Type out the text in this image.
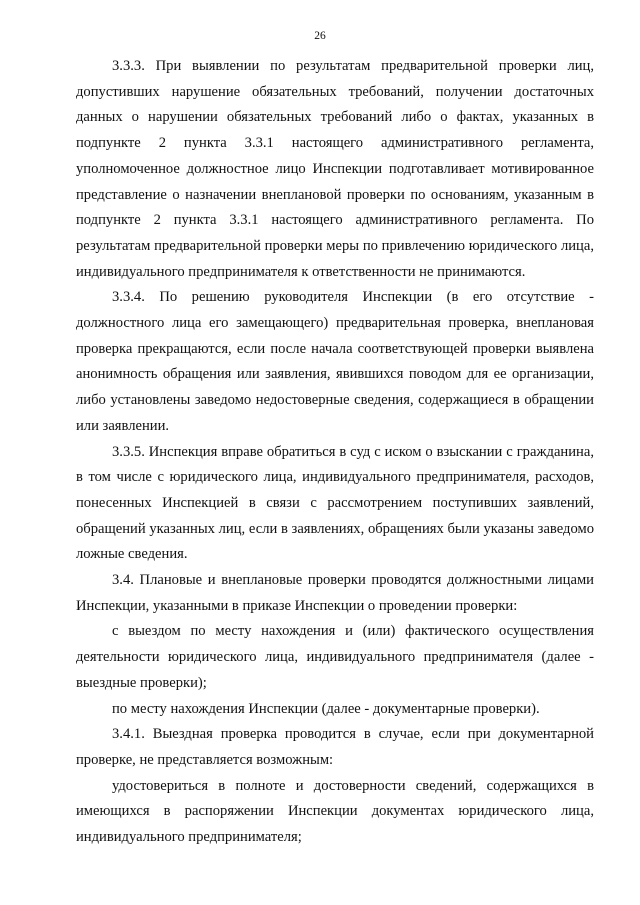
26

3.3.3. При выявлении по результатам предварительной проверки лиц, допустивших нарушение обязательных требований, получении достаточных данных о нарушении обязательных требований либо о фактах, указанных в подпункте 2 пункта 3.3.1 настоящего административного регламента, уполномоченное должностное лицо Инспекции подготавливает мотивированное представление о назначении внеплановой проверки по основаниям, указанным в подпункте 2 пункта 3.3.1 настоящего административного регламента. По результатам предварительной проверки меры по привлечению юридического лица, индивидуального предпринимателя к ответственности не принимаются.

3.3.4. По решению руководителя Инспекции (в его отсутствие - должностного лица его замещающего) предварительная проверка, внеплановая проверка прекращаются, если после начала соответствующей проверки выявлена анонимность обращения или заявления, явившихся поводом для ее организации, либо установлены заведомо недостоверные сведения, содержащиеся в обращении или заявлении.

3.3.5. Инспекция вправе обратиться в суд с иском о взыскании с гражданина, в том числе с юридического лица, индивидуального предпринимателя, расходов, понесенных Инспекцией в связи с рассмотрением поступивших заявлений, обращений указанных лиц, если в заявлениях, обращениях были указаны заведомо ложные сведения.

3.4. Плановые и внеплановые проверки проводятся должностными лицами Инспекции, указанными в приказе Инспекции о проведении проверки:

с выездом по месту нахождения и (или) фактического осуществления деятельности юридического лица, индивидуального предпринимателя (далее - выездные проверки);

по месту нахождения Инспекции (далее - документарные проверки).

3.4.1. Выездная проверка проводится в случае, если при документарной проверке, не представляется возможным:

удостовериться в полноте и достоверности сведений, содержащихся в имеющихся в распоряжении Инспекции документах юридического лица, индивидуального предпринимателя;
